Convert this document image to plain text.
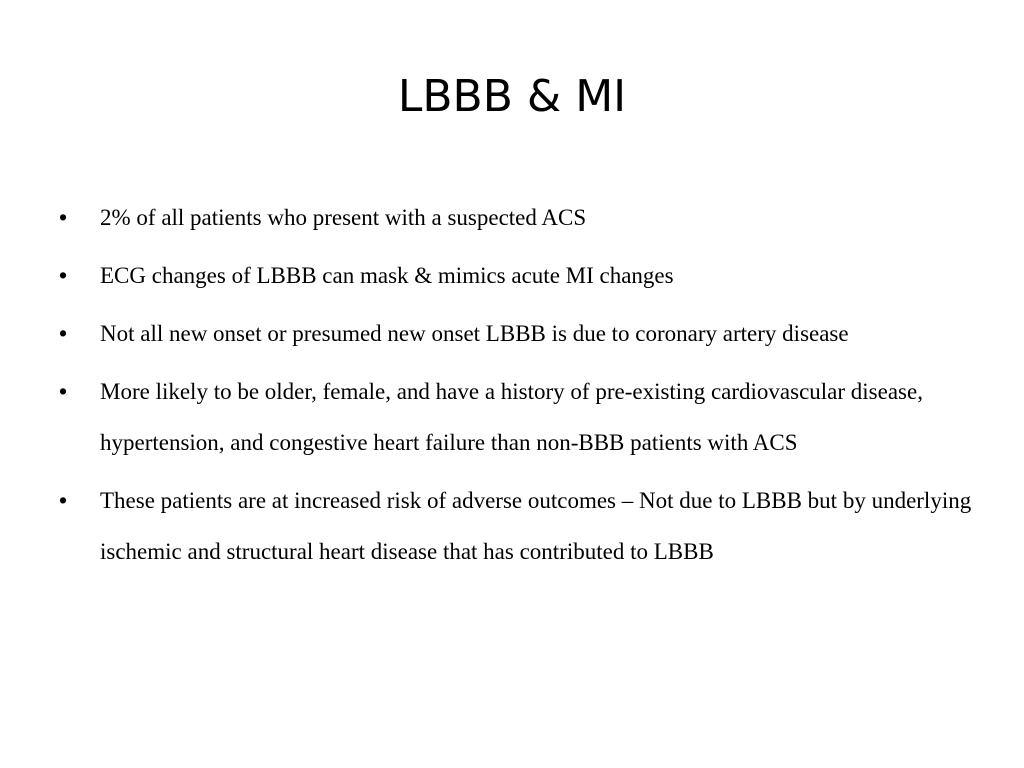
LBBB & MI
•	2% of all patients who present with a suspected ACS
•	ECG changes of LBBB can mask & mimics acute MI changes
•	Not all new onset or presumed new onset LBBB is due to coronary artery disease
•	More likely to be older, female, and have a history of pre-existing cardiovascular disease, hypertension, and congestive heart failure than non-BBB patients with ACS
•	These patients are at increased risk of adverse outcomes – Not due to LBBB but by underlying ischemic and structural heart disease that has contributed to LBBB
